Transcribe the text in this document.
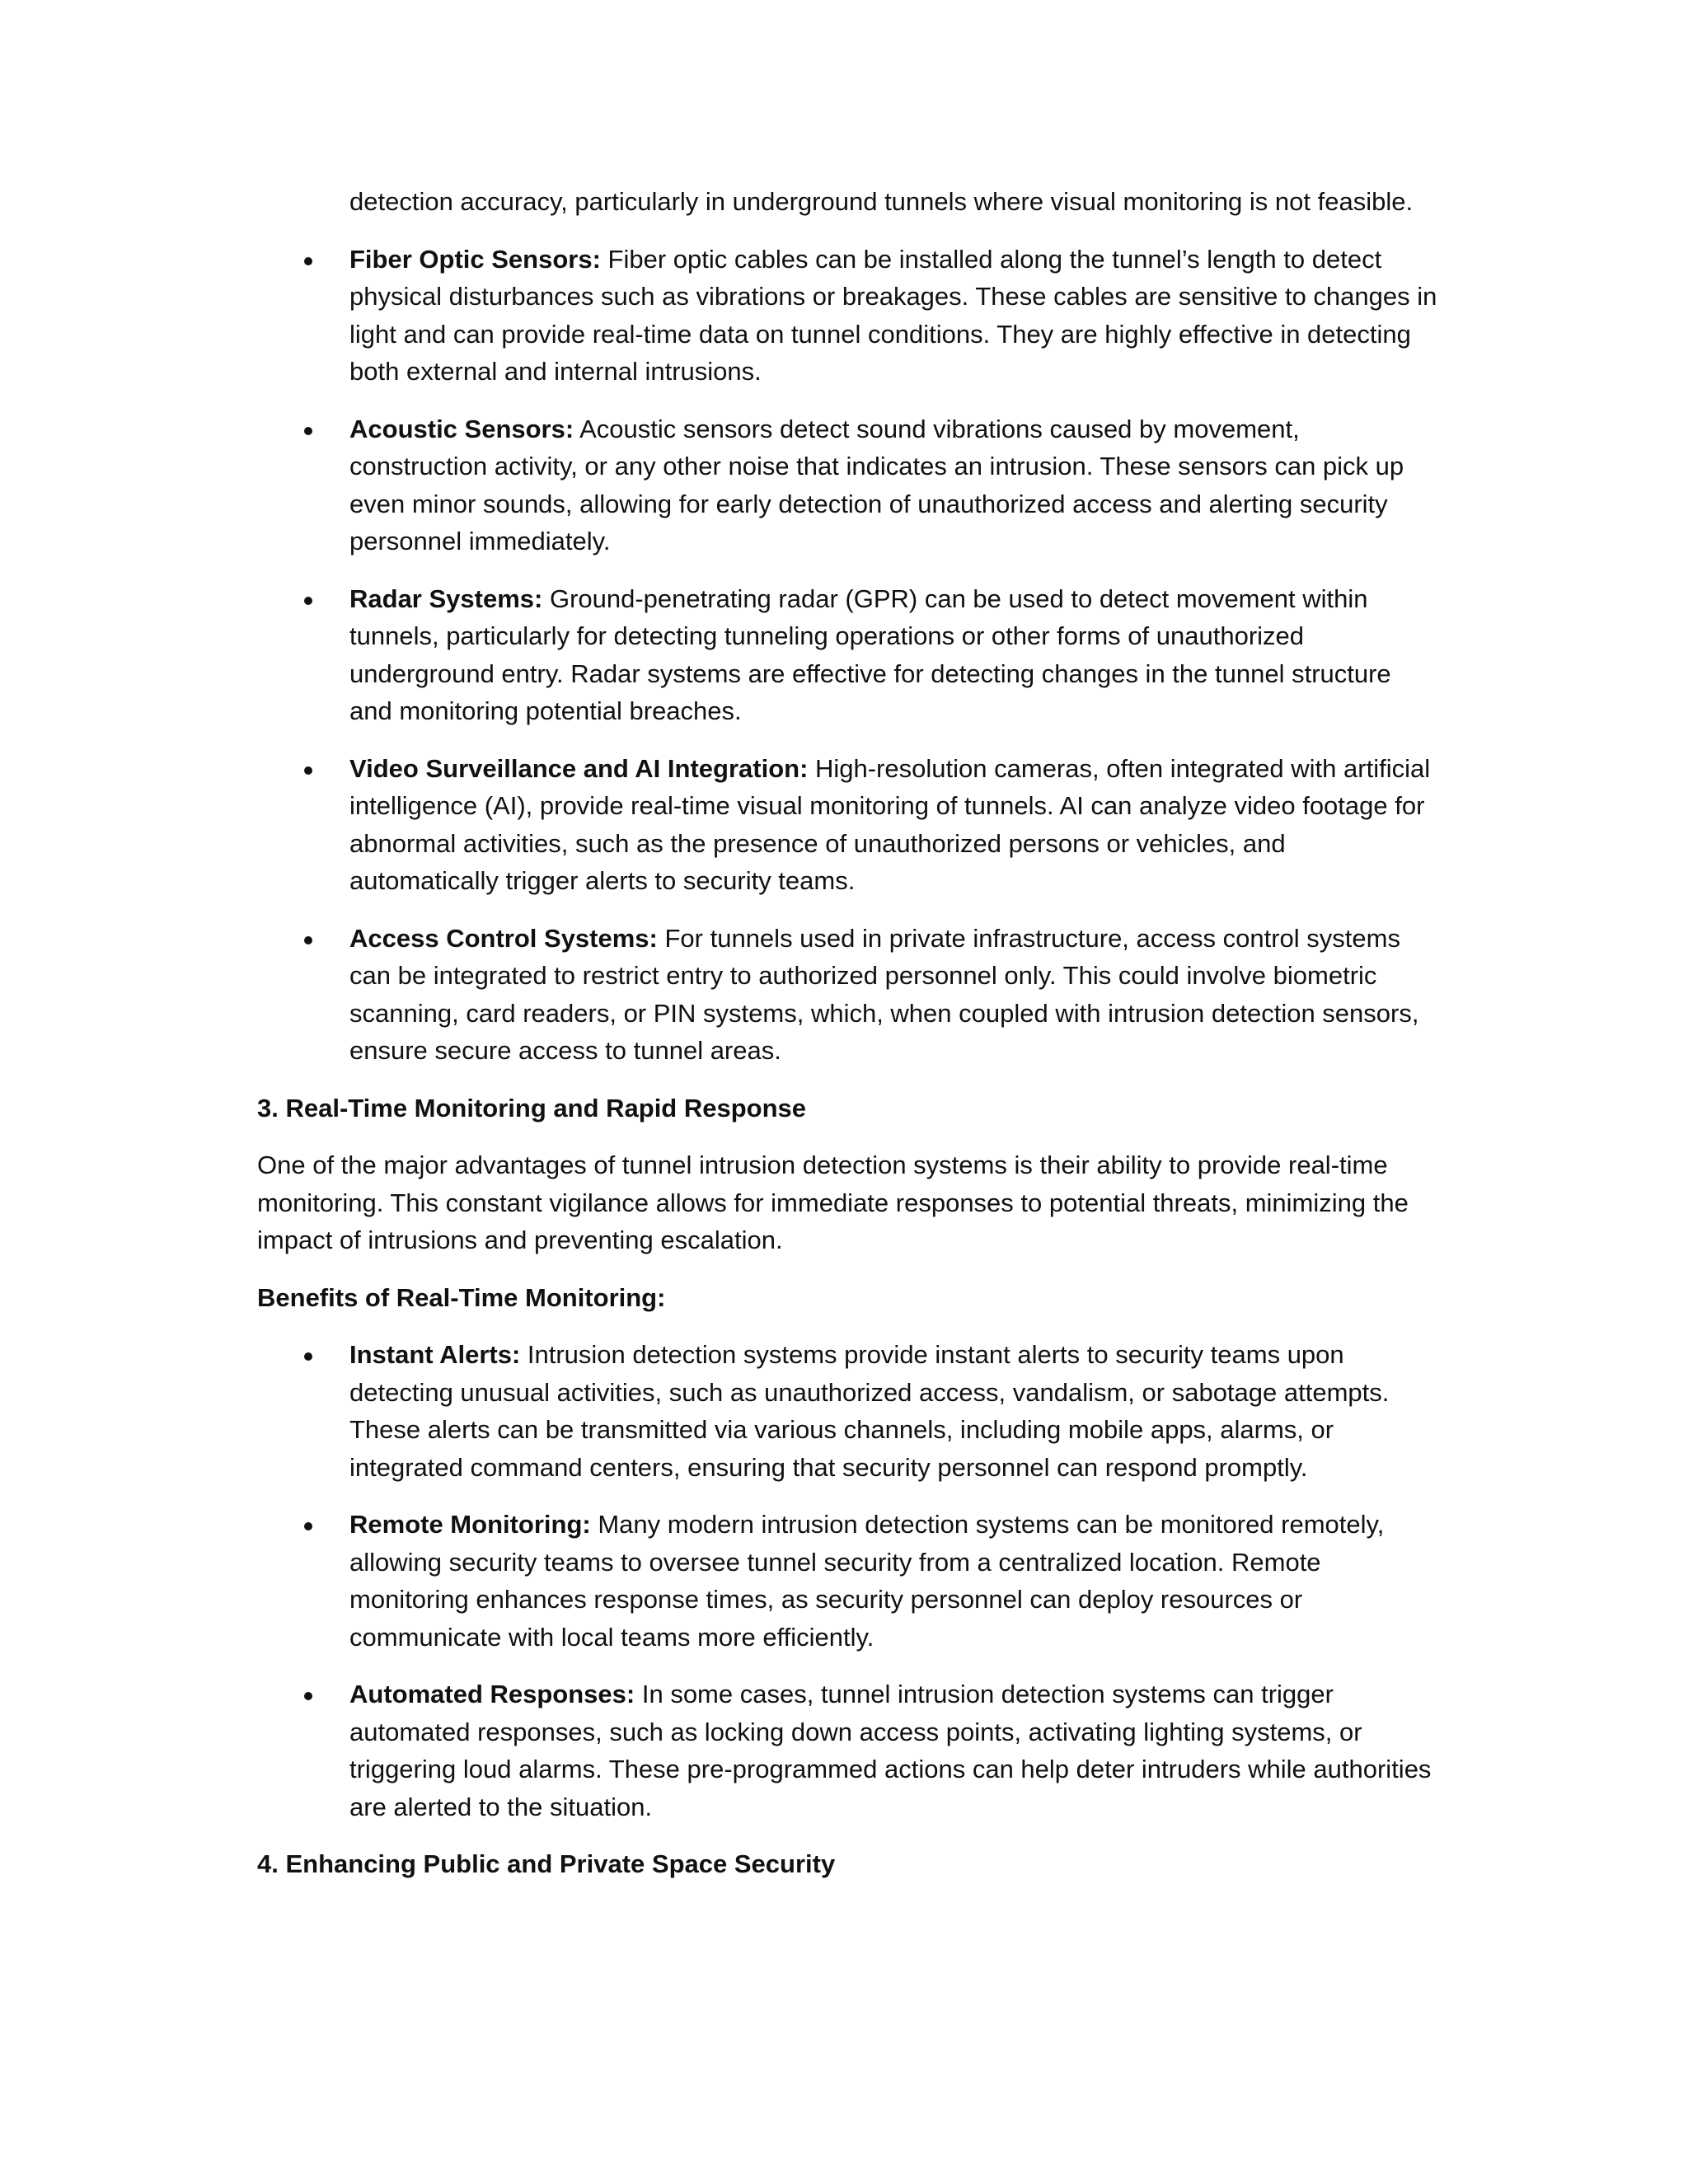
detection accuracy, particularly in underground tunnels where visual monitoring is not feasible.

Fiber Optic Sensors: Fiber optic cables can be installed along the tunnel’s length to detect physical disturbances such as vibrations or breakages. These cables are sensitive to changes in light and can provide real-time data on tunnel conditions. They are highly effective in detecting both external and internal intrusions.
Acoustic Sensors: Acoustic sensors detect sound vibrations caused by movement, construction activity, or any other noise that indicates an intrusion. These sensors can pick up even minor sounds, allowing for early detection of unauthorized access and alerting security personnel immediately.
Radar Systems: Ground-penetrating radar (GPR) can be used to detect movement within tunnels, particularly for detecting tunneling operations or other forms of unauthorized underground entry. Radar systems are effective for detecting changes in the tunnel structure and monitoring potential breaches.
Video Surveillance and AI Integration: High-resolution cameras, often integrated with artificial intelligence (AI), provide real-time visual monitoring of tunnels. AI can analyze video footage for abnormal activities, such as the presence of unauthorized persons or vehicles, and automatically trigger alerts to security teams.
Access Control Systems: For tunnels used in private infrastructure, access control systems can be integrated to restrict entry to authorized personnel only. This could involve biometric scanning, card readers, or PIN systems, which, when coupled with intrusion detection sensors, ensure secure access to tunnel areas.

3. Real-Time Monitoring and Rapid Response

One of the major advantages of tunnel intrusion detection systems is their ability to provide real-time monitoring. This constant vigilance allows for immediate responses to potential threats, minimizing the impact of intrusions and preventing escalation.

Benefits of Real-Time Monitoring:

Instant Alerts: Intrusion detection systems provide instant alerts to security teams upon detecting unusual activities, such as unauthorized access, vandalism, or sabotage attempts. These alerts can be transmitted via various channels, including mobile apps, alarms, or integrated command centers, ensuring that security personnel can respond promptly.
Remote Monitoring: Many modern intrusion detection systems can be monitored remotely, allowing security teams to oversee tunnel security from a centralized location. Remote monitoring enhances response times, as security personnel can deploy resources or communicate with local teams more efficiently.
Automated Responses: In some cases, tunnel intrusion detection systems can trigger automated responses, such as locking down access points, activating lighting systems, or triggering loud alarms. These pre-programmed actions can help deter intruders while authorities are alerted to the situation.

4. Enhancing Public and Private Space Security
